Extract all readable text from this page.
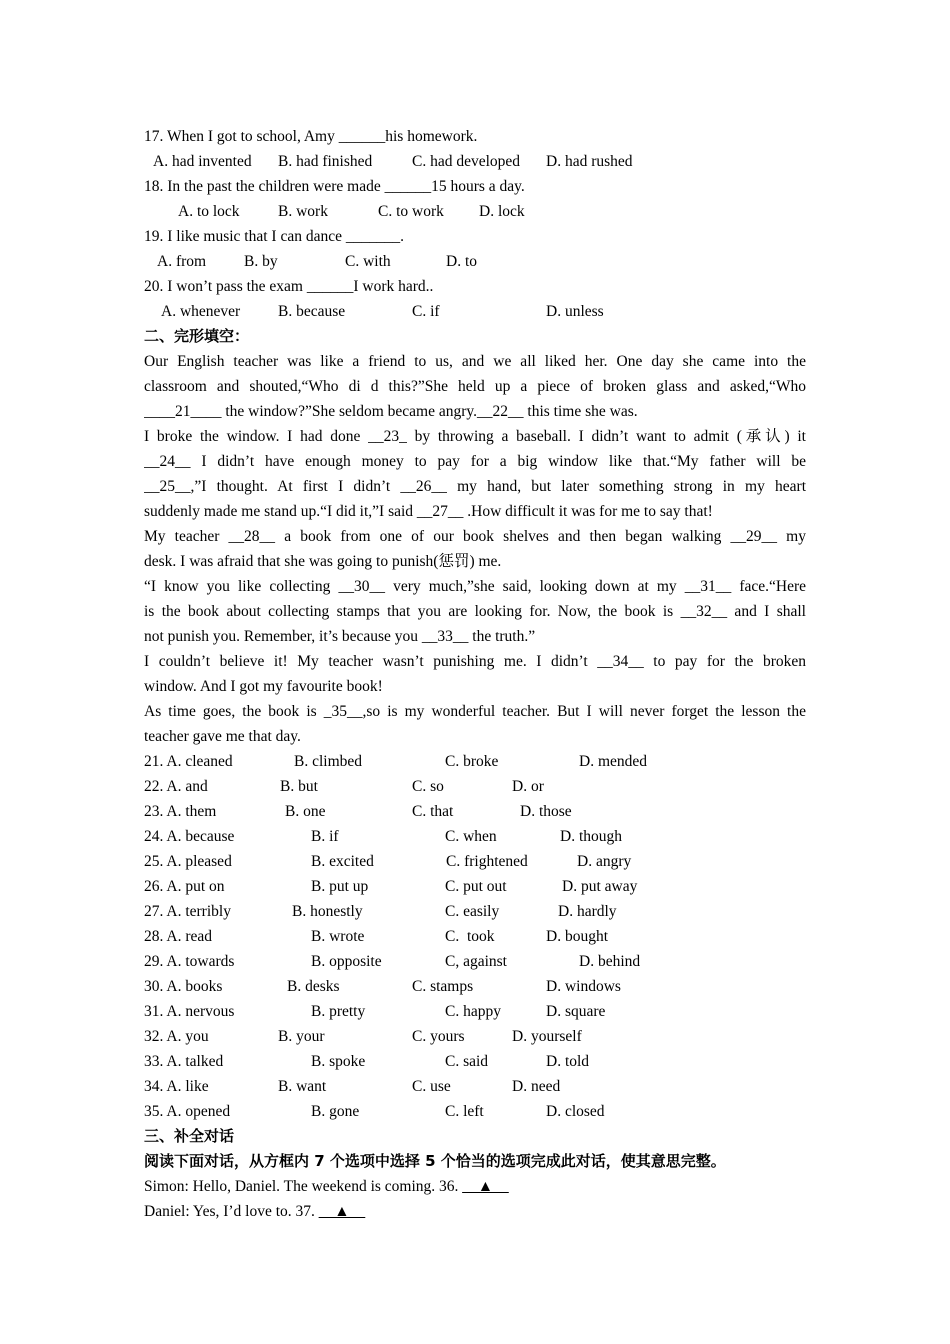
17. When I got to school, Amy ______his homework.
A. had invented B. had finished	C. had developed D. had rushed
18. In the past the children were made ______15 hours a day.
A. to lock B. work	C. to work D. lock
19. I like music that I can dance _______.
A. from B. by	C. with	D. to
20. I won’t pass the exam ______I work hard..
A. whenever B. because	C. if	D. unless
二、完形填空：
Our English teacher was like a friend to us, and we all liked her. One day she came into the
classroom and shouted,“Who di d this?”She held up a piece of broken glass and asked,“Who
____21____ the window?”She seldom became angry.__22__ this time she was.
I broke the window. I had done __23_ by throwing a baseball. I didn’t want to admit (承认) it
__24__ I didn’t have enough money to pay for a big window like that.“My father will be
__25__,”I thought. At first I didn’t __26__ my hand, but later something strong in my heart
suddenly made me stand up.“I did it,”I said __27__ .How difficult it was for me to say that!
My teacher __28__ a book from one of our book shelves and then began walking __29__ my
desk. I was afraid that she was going to punish(惩罚) me.
“I know you like collecting __30__ very much,”she said, looking down at my __31__ face.“Here
is the book about collecting stamps that you are looking for. Now, the book is __32__ and I shall
not punish you. Remember, it’s because you __33__ the truth.”
I couldn’t believe it! My teacher wasn’t punishing me. I didn’t __34__ to pay for the broken
window. And I got my favourite book!
As time goes, the book is _35__,so is my wonderful teacher. But I will never forget the lesson the
teacher gave me that day.
21. A. cleaned	B. climbed	C. broke	D. mended
22. A. and	B. but	C. so	D. or
23. A. them	B. one	C. that	D. those
24. A. because	B. if	C. when	D. though
25. A. pleased	B. excited	C. frightened	D. angry
26. A. put on	B. put up	C. put out	D. put away
27. A. terribly	B. honestly	C. easily	D. hardly
28. A. read	B. wrote	C.  took	D. bought
29. A. towards	B. opposite	C, against	D. behind
30. A. books	B. desks	C. stamps	D. windows
31. A. nervous	B. pretty	C. happy	D. square
32. A. you	B. your	C. yours	D. yourself
33. A. talked	B. spoke	C. said	D. told
34. A. like	B. want	C. use	D. need
35. A. opened	B. gone	C. left	D. closed
三、补全对话
阅读下面对话，从方框内 7 个选项中选择 5 个恰当的选项完成此对话，使其意思完整。
Simon: Hello, Daniel. The weekend is coming. 36. __▲__
Daniel: Yes, I’d love to. 37. __▲__
